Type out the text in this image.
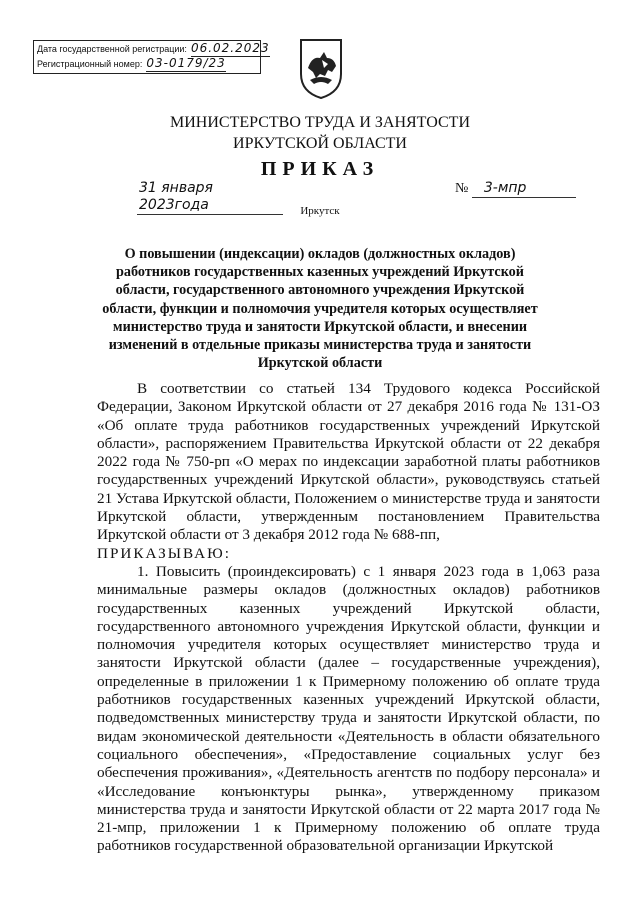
Дата государственной регистрации: 06.02.2023
Регистрационный номер: 03-0179/23
МИНИСТЕРСТВО ТРУДА И ЗАНЯТОСТИ
ИРКУТСКОЙ ОБЛАСТИ
ПРИКАЗ
31 января 2023года
№ 3-мпр
Иркутск
О повышении (индексации) окладов (должностных окладов) работников государственных казенных учреждений Иркутской области, государственного автономного учреждения Иркутской области, функции и полномочия учредителя которых осуществляет министерство труда и занятости Иркутской области, и внесении изменений в отдельные приказы министерства труда и занятости Иркутской области

В соответствии со статьей 134 Трудового кодекса Российской Федерации, Законом Иркутской области от 27 декабря 2016 года № 131-ОЗ «Об оплате труда работников государственных учреждений Иркутской области», распоряжением Правительства Иркутской области от 22 декабря 2022 года № 750-рп «О мерах по индексации заработной платы работников государственных учреждений Иркутской области», руководствуясь статьей 21 Устава Иркутской области, Положением о министерстве труда и занятости Иркутской области, утвержденным постановлением Правительства Иркутской области от 3 декабря 2012 года № 688-пп,

ПРИКАЗЫВАЮ:

1. Повысить (проиндексировать) с 1 января 2023 года в 1,063 раза минимальные размеры окладов (должностных окладов) работников государственных казенных учреждений Иркутской области, государственного автономного учреждения Иркутской области, функции и полномочия учредителя которых осуществляет министерство труда и занятости Иркутской области (далее – государственные учреждения), определенные в приложении 1 к Примерному положению об оплате труда работников государственных казенных учреждений Иркутской области, подведомственных министерству труда и занятости Иркутской области, по видам экономической деятельности «Деятельность в области обязательного социального обеспечения», «Предоставление социальных услуг без обеспечения проживания», «Деятельность агентств по подбору персонала» и «Исследование конъюнктуры рынка», утвержденному приказом министерства труда и занятости Иркутской области от 22 марта 2017 года № 21-мпр, приложении 1 к Примерному положению об оплате труда работников государственной образовательной организации Иркутской
